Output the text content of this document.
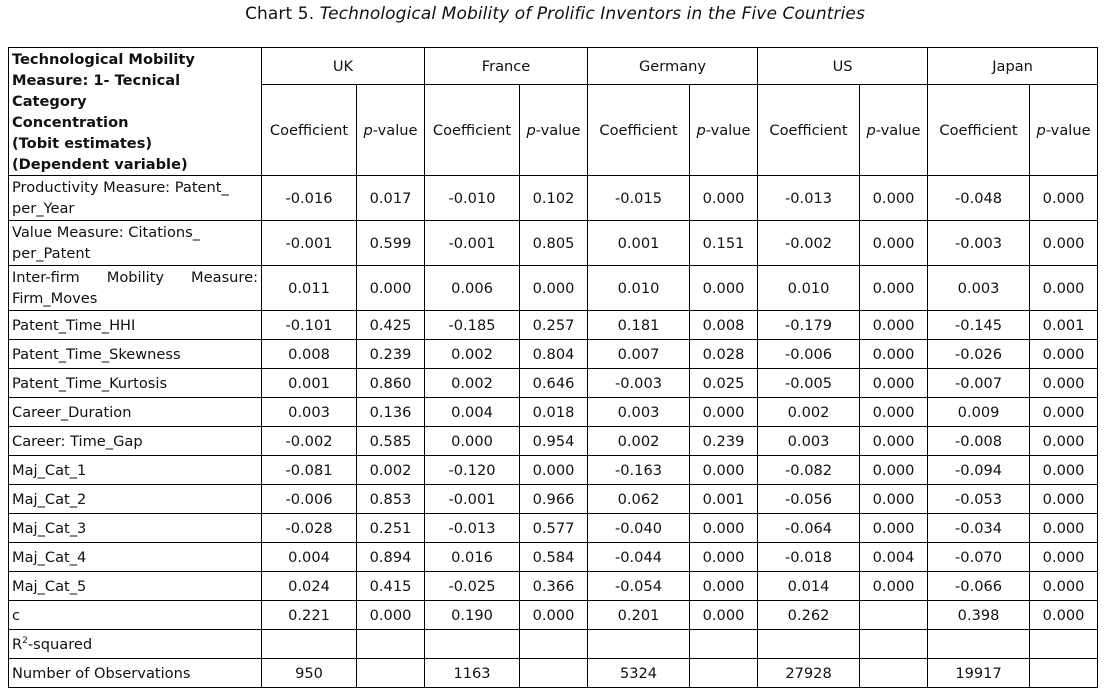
Chart 5. Technological Mobility of Prolific Inventors in the Five Countries
Technological Mobility
Measure: 1- Tecnical Category
Concentration
(Tobit estimates)
(Dependent variable)	UK		France		Germany		US		Japan	
	Coefficient	p-value	Coefficient	p-value	Coefficient	p-value	Coefficient	p-value	Coefficient	p-value
Productivity Measure: Patent_ per_Year	-0.016	0.017	-0.010	0.102	-0.015	0.000	-0.013	0.000	-0.048	0.000
Value Measure: Citations_ per_Patent	-0.001	0.599	-0.001	0.805	0.001	0.151	-0.002	0.000	-0.003	0.000
Inter-firm Mobility Measure: Firm_Moves	0.011	0.000	0.006	0.000	0.010	0.000	0.010	0.000	0.003	0.000
Patent_Time_HHI	-0.101	0.425	-0.185	0.257	0.181	0.008	-0.179	0.000	-0.145	0.001
Patent_Time_Skewness	0.008	0.239	0.002	0.804	0.007	0.028	-0.006	0.000	-0.026	0.000
Patent_Time_Kurtosis	0.001	0.860	0.002	0.646	-0.003	0.025	-0.005	0.000	-0.007	0.000
Career_Duration	0.003	0.136	0.004	0.018	0.003	0.000	0.002	0.000	0.009	0.000
Career: Time_Gap	-0.002	0.585	0.000	0.954	0.002	0.239	0.003	0.000	-0.008	0.000
Maj_Cat_1	-0.081	0.002	-0.120	0.000	-0.163	0.000	-0.082	0.000	-0.094	0.000
Maj_Cat_2	-0.006	0.853	-0.001	0.966	0.062	0.001	-0.056	0.000	-0.053	0.000
Maj_Cat_3	-0.028	0.251	-0.013	0.577	-0.040	0.000	-0.064	0.000	-0.034	0.000
Maj_Cat_4	0.004	0.894	0.016	0.584	-0.044	0.000	-0.018	0.004	-0.070	0.000
Maj_Cat_5	0.024	0.415	-0.025	0.366	-0.054	0.000	0.014	0.000	-0.066	0.000
c	0.221	0.000	0.190	0.000	0.201	0.000	0.262		0.398	0.000
$R^2$-squared										
Number of Observations	950		1163		5324		27928		19917	
